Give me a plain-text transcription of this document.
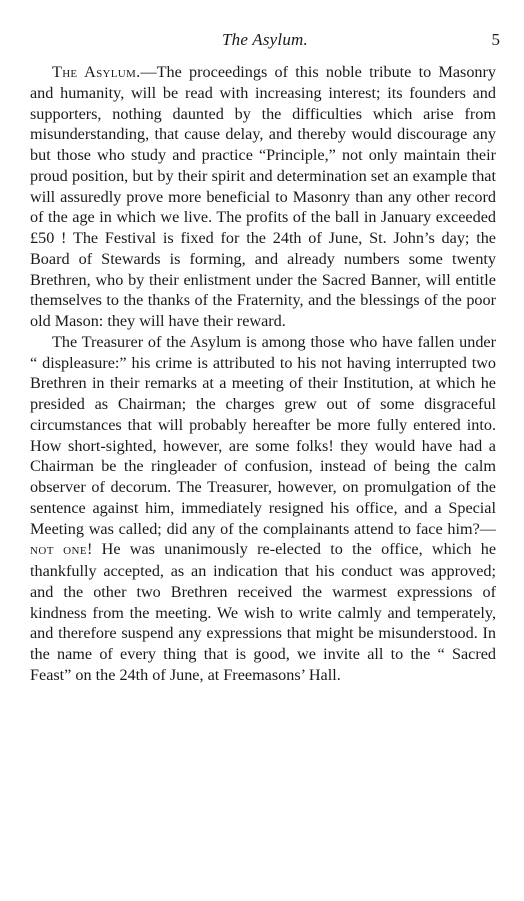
The Asylum.	5

The Asylum.—The proceedings of this noble tribute to Masonry and humanity, will be read with increasing interest; its founders and supporters, nothing daunted by the difficulties which arise from misunderstanding, that cause delay, and thereby would discourage any but those who study and practice “Principle,” not only maintain their proud position, but by their spirit and determination set an example that will assuredly prove more beneficial to Masonry than any other record of the age in which we live. The profits of the ball in January exceeded £50 ! The Festival is fixed for the 24th of June, St. John’s day; the Board of Stewards is forming, and already numbers some twenty Brethren, who by their enlistment under the Sacred Banner, will entitle themselves to the thanks of the Fraternity, and the blessings of the poor old Mason: they will have their reward.

The Treasurer of the Asylum is among those who have fallen under “ displeasure:” his crime is attributed to his not having interrupted two Brethren in their remarks at a meeting of their Institution, at which he presided as Chairman; the charges grew out of some disgraceful circumstances that will probably hereafter be more fully entered into. How short-sighted, however, are some folks! they would have had a Chairman be the ringleader of confusion, instead of being the calm observer of decorum. The Treasurer, however, on promulgation of the sentence against him, immediately resigned his office, and a Special Meeting was called; did any of the complainants attend to face him?—not one! He was unanimously re-elected to the office, which he thankfully accepted, as an indication that his conduct was approved; and the other two Brethren received the warmest expressions of kindness from the meeting. We wish to write calmly and temperately, and therefore suspend any expressions that might be misunderstood. In the name of every thing that is good, we invite all to the “ Sacred Feast” on the 24th of June, at Freemasons’ Hall.
